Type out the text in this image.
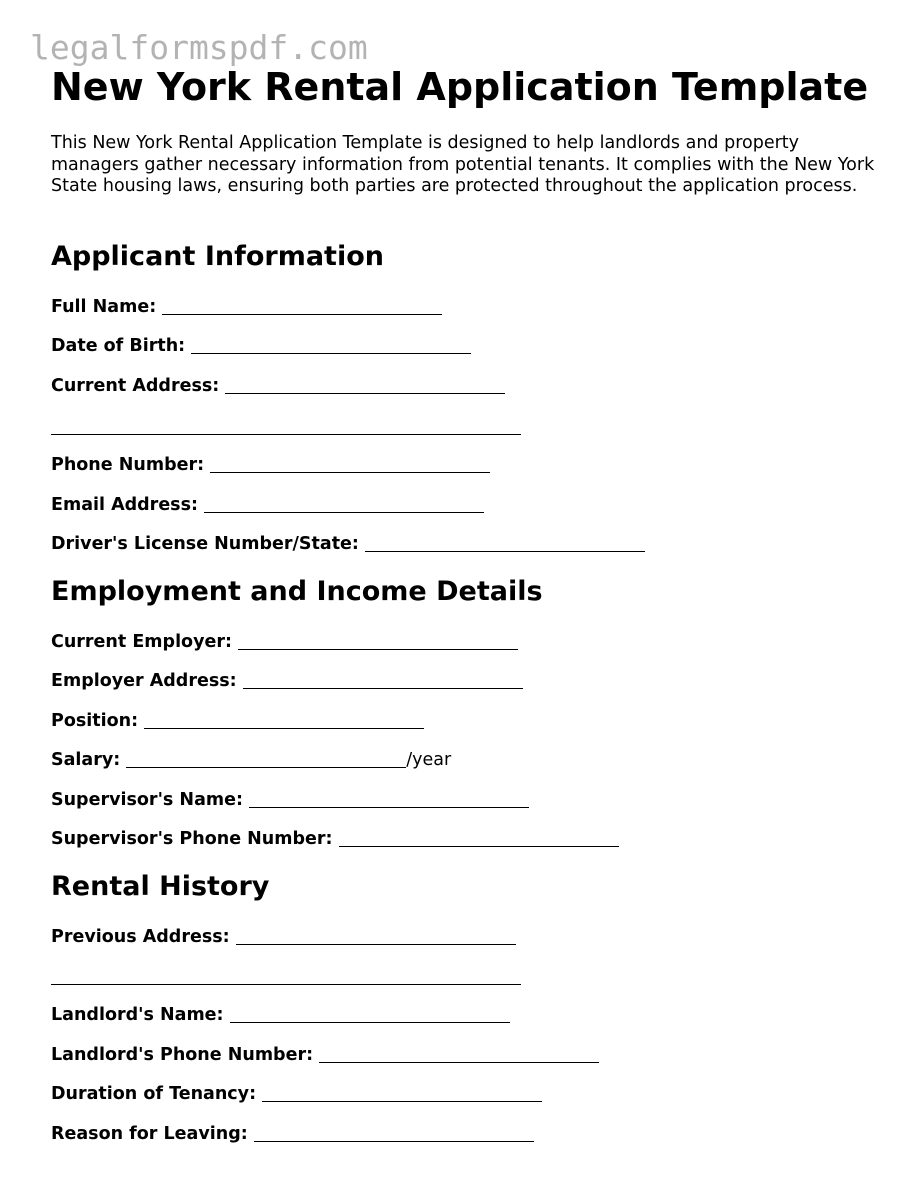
legalformspdf.com
New York Rental Application Template
This New York Rental Application Template is designed to help landlords and property managers gather necessary information from potential tenants. It complies with the New York State housing laws, ensuring both parties are protected throughout the application process.
Applicant Information
Full Name:
Date of Birth:
Current Address:
Phone Number:
Email Address:
Driver's License Number/State:
Employment and Income Details
Current Employer:
Employer Address:
Position:
Salary:	/year
Supervisor's Name:
Supervisor's Phone Number:
Rental History
Previous Address:
Landlord's Name:
Landlord's Phone Number:
Duration of Tenancy:
Reason for Leaving:
